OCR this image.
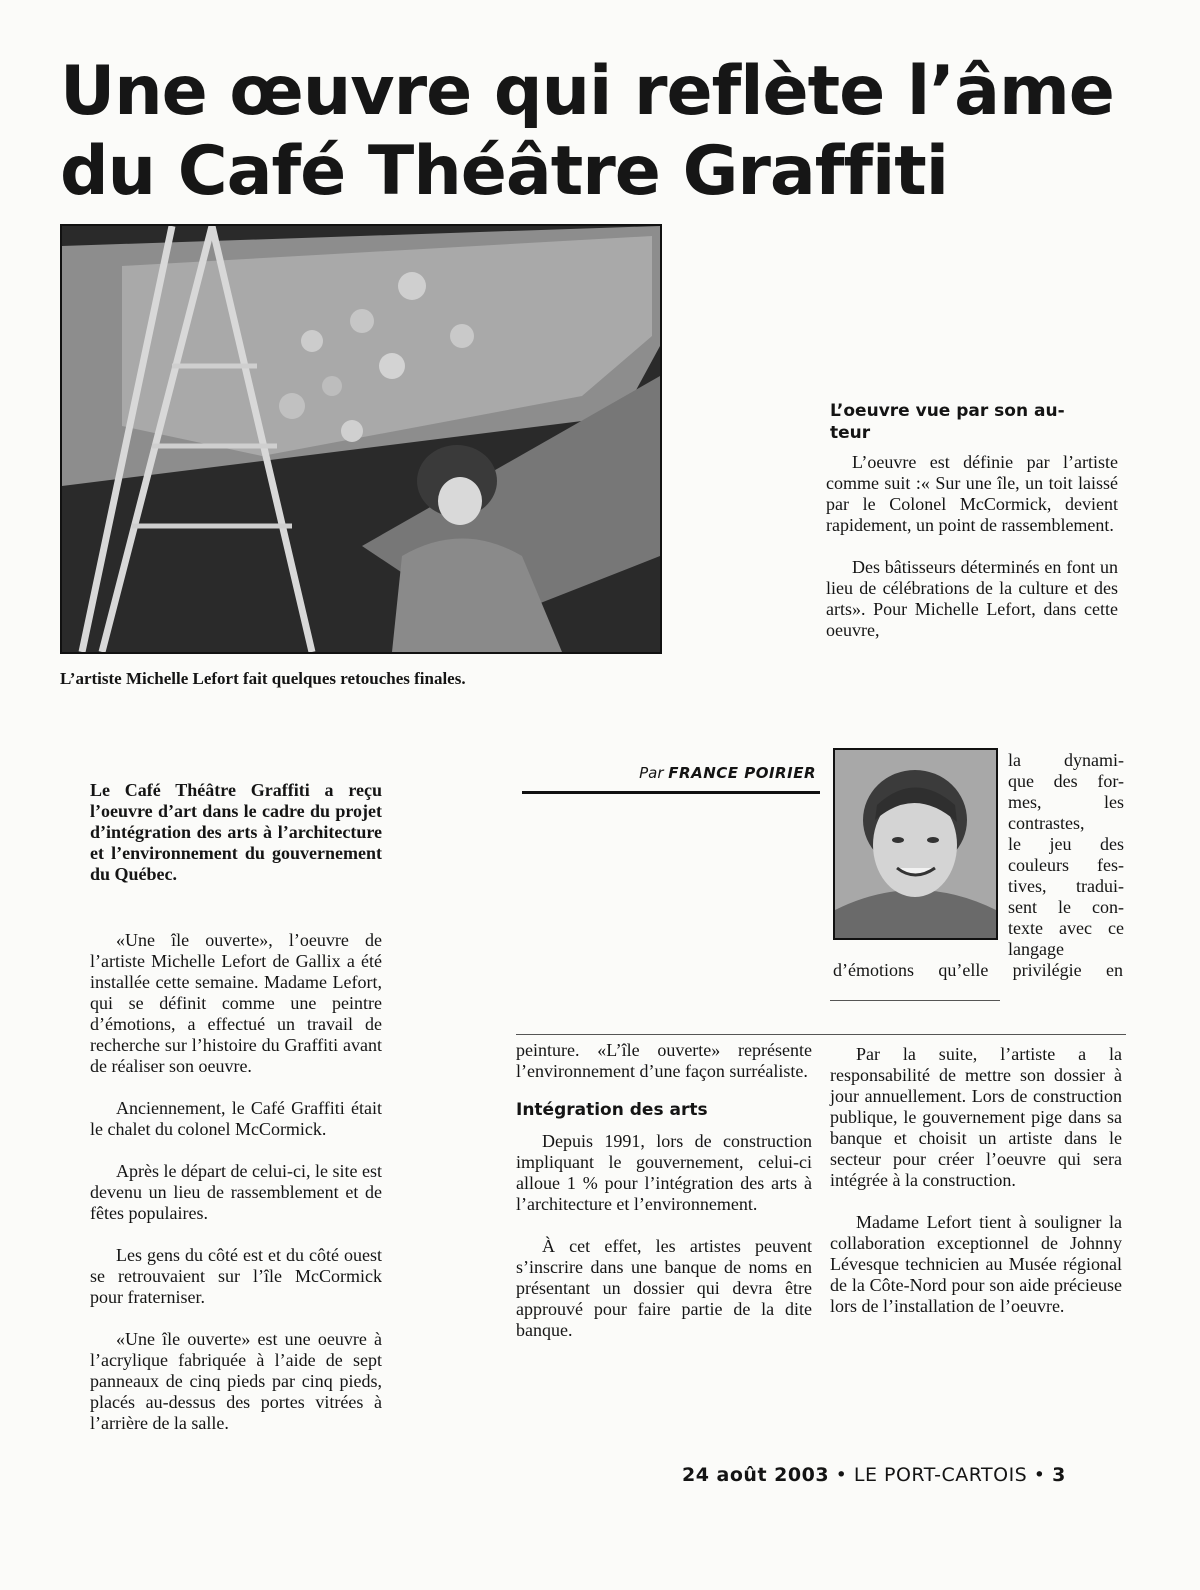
Une œuvre qui reflète l’âme
du Café Théâtre Graffiti
L’artiste Michelle Lefort fait quelques retouches finales.
L’oeuvre vue par son au-
teur

L’oeuvre est définie par l’artiste comme suit :« Sur une île, un toit laissé par le Colonel McCormick, devient rapidement, un point de rassemblement.

Des bâtisseurs déterminés en font un lieu de célébrations de la culture et des arts». Pour Michelle Lefort, dans cette oeuvre,

Par FRANCE POIRIER
la dynami-
que des for-
mes, les
contrastes,
le jeu des
couleurs fes-
tives, tradui-
sent le con-
texte avec ce
langage
d’émotions qu’elle privilégie en
Le Café Théâtre Graffiti a reçu l’oeuvre d’art dans le cadre du projet d’intégration des arts à l’architecture et l’environnement du gouvernement du Québec.

«Une île ouverte», l’oeuvre de l’artiste Michelle Lefort de Gallix a été installée cette semaine. Madame Lefort, qui se définit comme une peintre d’émotions, a effectué un travail de recherche sur l’histoire du Graffiti avant de réaliser son oeuvre.

Anciennement, le Café Graffiti était le chalet du colonel McCormick.

Après le départ de celui-ci, le site est devenu un lieu de rassemblement et de fêtes populaires.

Les gens du côté est et du côté ouest se retrouvaient sur l’île McCormick pour fraterniser.

«Une île ouverte» est une oeuvre à l’acrylique fabriquée à l’aide de sept panneaux de cinq pieds par cinq pieds, placés au-dessus des portes vitrées à l’arrière de la salle.

peinture. «L’île ouverte» représente l’environnement d’une façon surréaliste.

Intégration des arts

Depuis 1991, lors de construction impliquant le gouvernement, celui-ci alloue 1 % pour l’intégration des arts à l’architecture et l’environnement.

À cet effet, les artistes peuvent s’inscrire dans une banque de noms en présentant un dossier qui devra être approuvé pour faire partie de la dite banque.

Par la suite, l’artiste a la responsabilité de mettre son dossier à jour annuellement. Lors de construction publique, le gouvernement pige dans sa banque et choisit un artiste dans le secteur pour créer l’oeuvre qui sera intégrée à la construction.

Madame Lefort tient à souligner la collaboration exceptionnel de Johnny Lévesque technicien au Musée régional de la Côte-Nord pour son aide précieuse lors de l’installation de l’oeuvre.

24 août 2003 • LE PORT-CARTOIS • 3
